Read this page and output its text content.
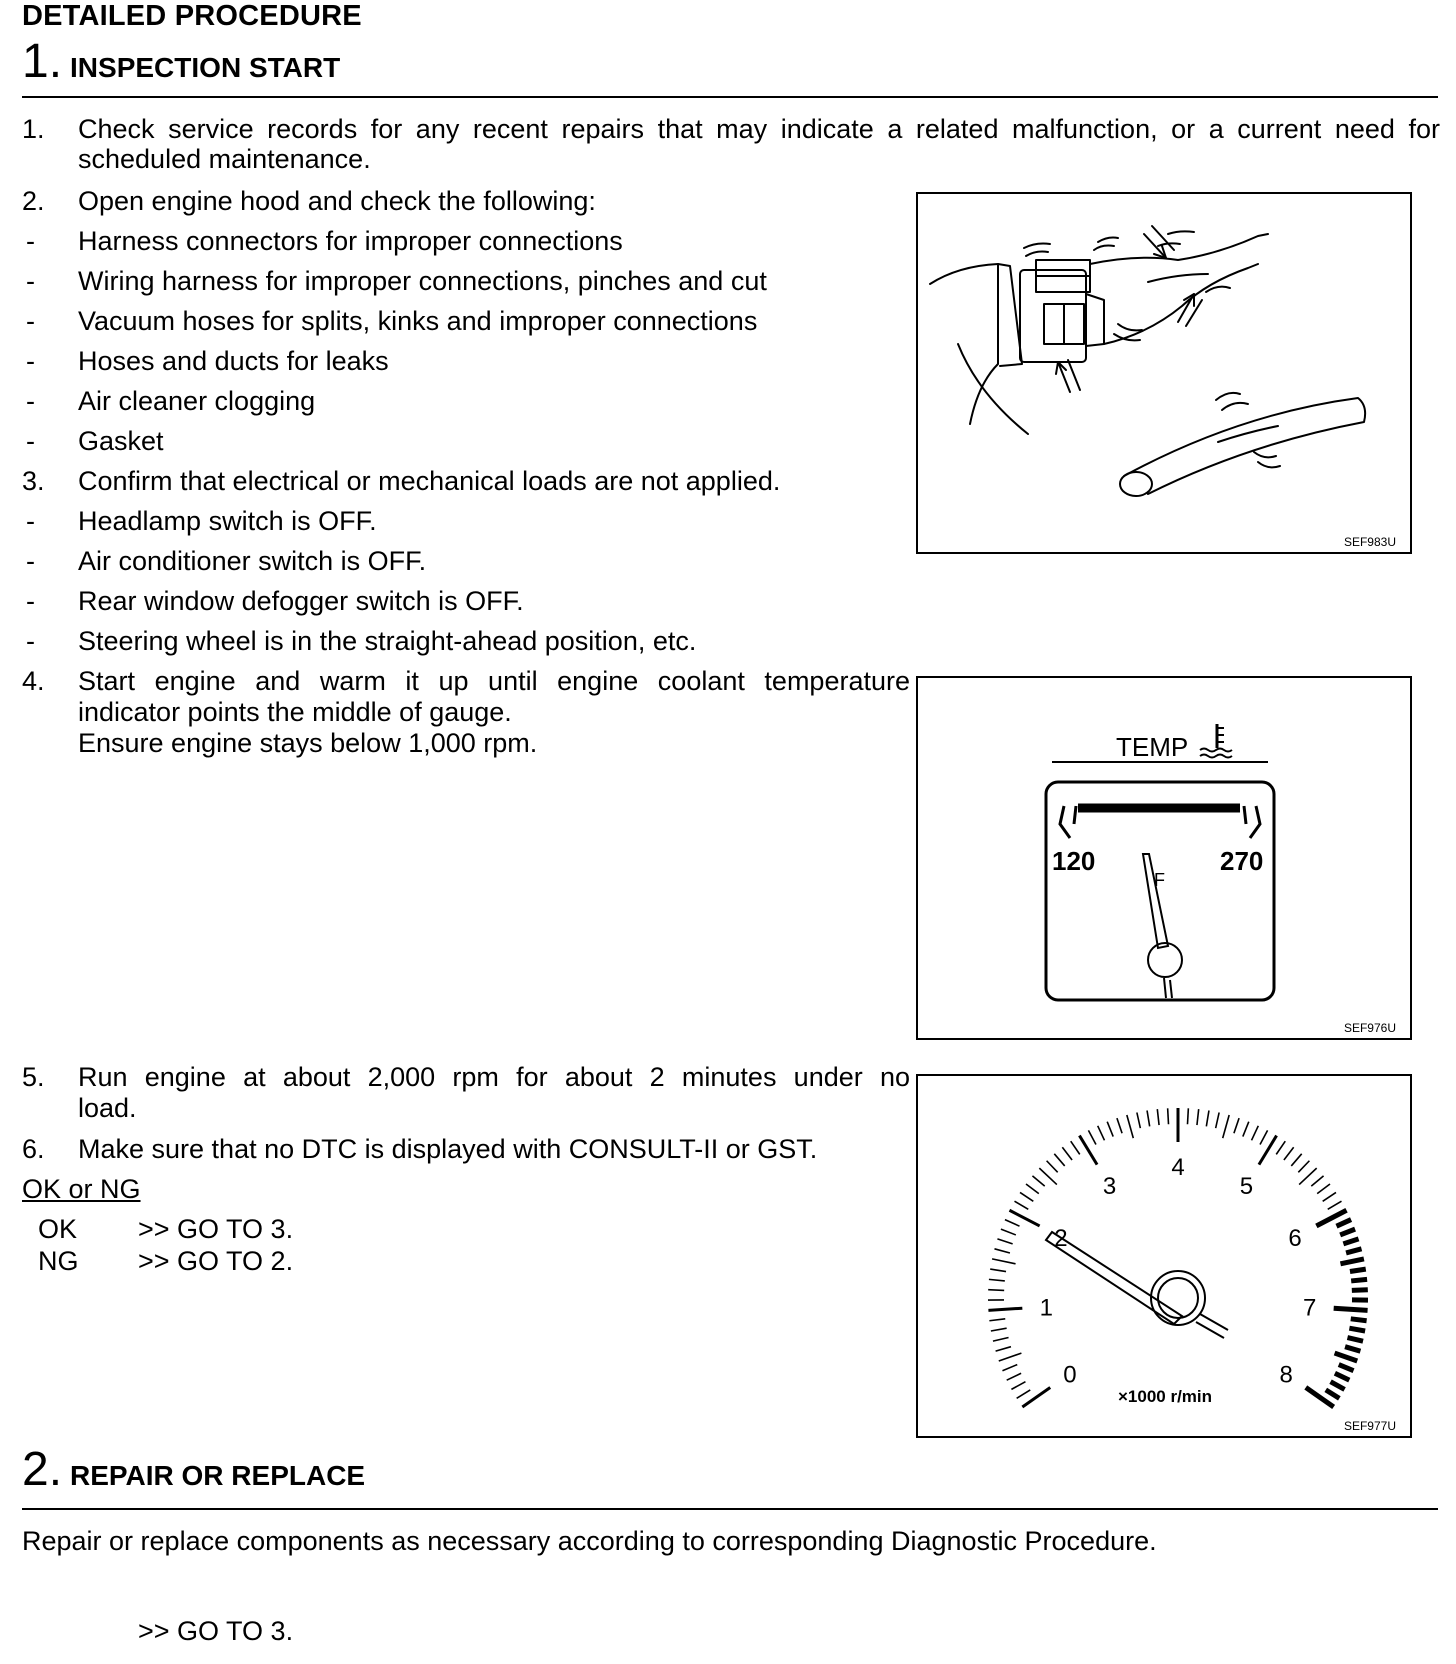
DETAILED PROCEDURE
1. INSPECTION START
1. Check service records for any recent repairs that may indicate a related malfunction, or a current need for
scheduled maintenance.
2. Open engine hood and check the following:
- Harness connectors for improper connections
- Wiring harness for improper connections, pinches and cut
- Vacuum hoses for splits, kinks and improper connections
- Hoses and ducts for leaks
- Air cleaner clogging
- Gasket
3. Confirm that electrical or mechanical loads are not applied.
- Headlamp switch is OFF.
- Air conditioner switch is OFF.
- Rear window defogger switch is OFF.
- Steering wheel is in the straight-ahead position, etc.
4. Start engine and warm it up until engine coolant temperature
indicator points the middle of gauge.
Ensure engine stays below 1,000 rpm.
5. Run engine at about 2,000 rpm for about 2 minutes under no
load.
6. Make sure that no DTC is displayed with CONSULT-II or GST.
OK or NG
OK >> GO TO 3.
NG >> GO TO 2.
SEF983U
TEMP
120	270
F
SEF976U
0
1
2
3
4
5
6
7
8
×1000 r/min
SEF977U
2. REPAIR OR REPLACE
Repair or replace components as necessary according to corresponding Diagnostic Procedure.
>> GO TO 3.
